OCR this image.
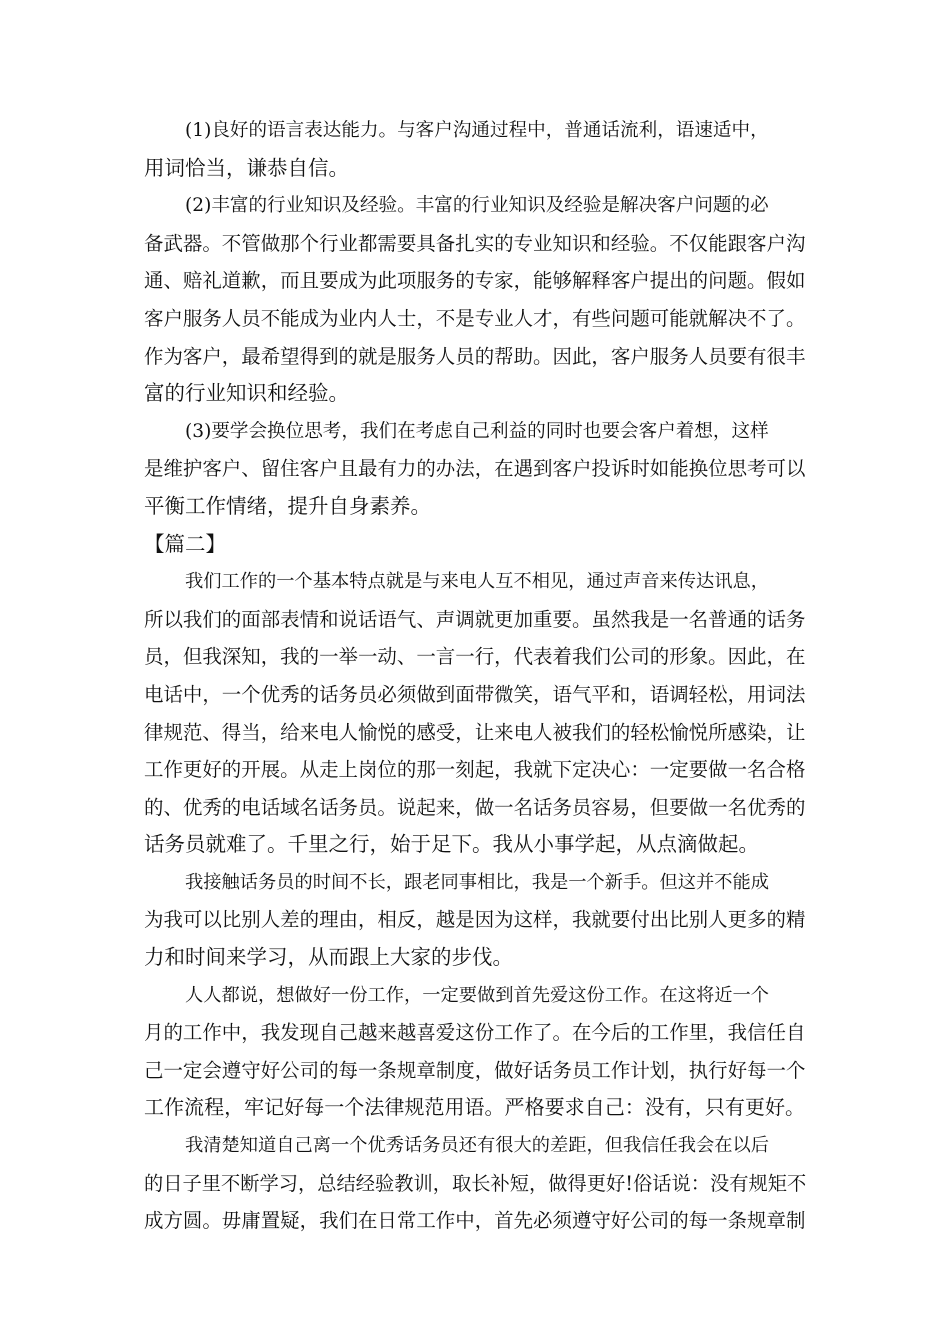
(1)良好的语言表达能力。与客户沟通过程中，普通话流利，语速适中，
用词恰当，谦恭自信。
(2)丰富的行业知识及经验。丰富的行业知识及经验是解决客户问题的必
备武器。不管做那个行业都需要具备扎实的专业知识和经验。不仅能跟客户沟
通、赔礼道歉，而且要成为此项服务的专家，能够解释客户提出的问题。假如
客户服务人员不能成为业内人士，不是专业人才，有些问题可能就解决不了。
作为客户，最希望得到的就是服务人员的帮助。因此，客户服务人员要有很丰
富的行业知识和经验。
(3)要学会换位思考，我们在考虑自己利益的同时也要会客户着想，这样
是维护客户、留住客户且最有力的办法，在遇到客户投诉时如能换位思考可以
平衡工作情绪，提升自身素养。
【篇二】
我们工作的一个基本特点就是与来电人互不相见，通过声音来传达讯息，
所以我们的面部表情和说话语气、声调就更加重要。虽然我是一名普通的话务
员，但我深知，我的一举一动、一言一行，代表着我们公司的形象。因此，在
电话中，一个优秀的话务员必须做到面带微笑，语气平和，语调轻松，用词法
律规范、得当，给来电人愉悦的感受，让来电人被我们的轻松愉悦所感染，让
工作更好的开展。从走上岗位的那一刻起，我就下定决心：一定要做一名合格
的、优秀的电话域名话务员。说起来，做一名话务员容易，但要做一名优秀的
话务员就难了。千里之行，始于足下。我从小事学起，从点滴做起。
我接触话务员的时间不长，跟老同事相比，我是一个新手。但这并不能成
为我可以比别人差的理由，相反，越是因为这样，我就要付出比别人更多的精
力和时间来学习，从而跟上大家的步伐。
人人都说，想做好一份工作，一定要做到首先爱这份工作。在这将近一个
月的工作中，我发现自己越来越喜爱这份工作了。在今后的工作里，我信任自
己一定会遵守好公司的每一条规章制度，做好话务员工作计划，执行好每一个
工作流程，牢记好每一个法律规范用语。严格要求自己：没有，只有更好。
我清楚知道自己离一个优秀话务员还有很大的差距，但我信任我会在以后
的日子里不断学习，总结经验教训，取长补短，做得更好!俗话说：没有规矩不
成方圆。毋庸置疑，我们在日常工作中，首先必须遵守好公司的每一条规章制
